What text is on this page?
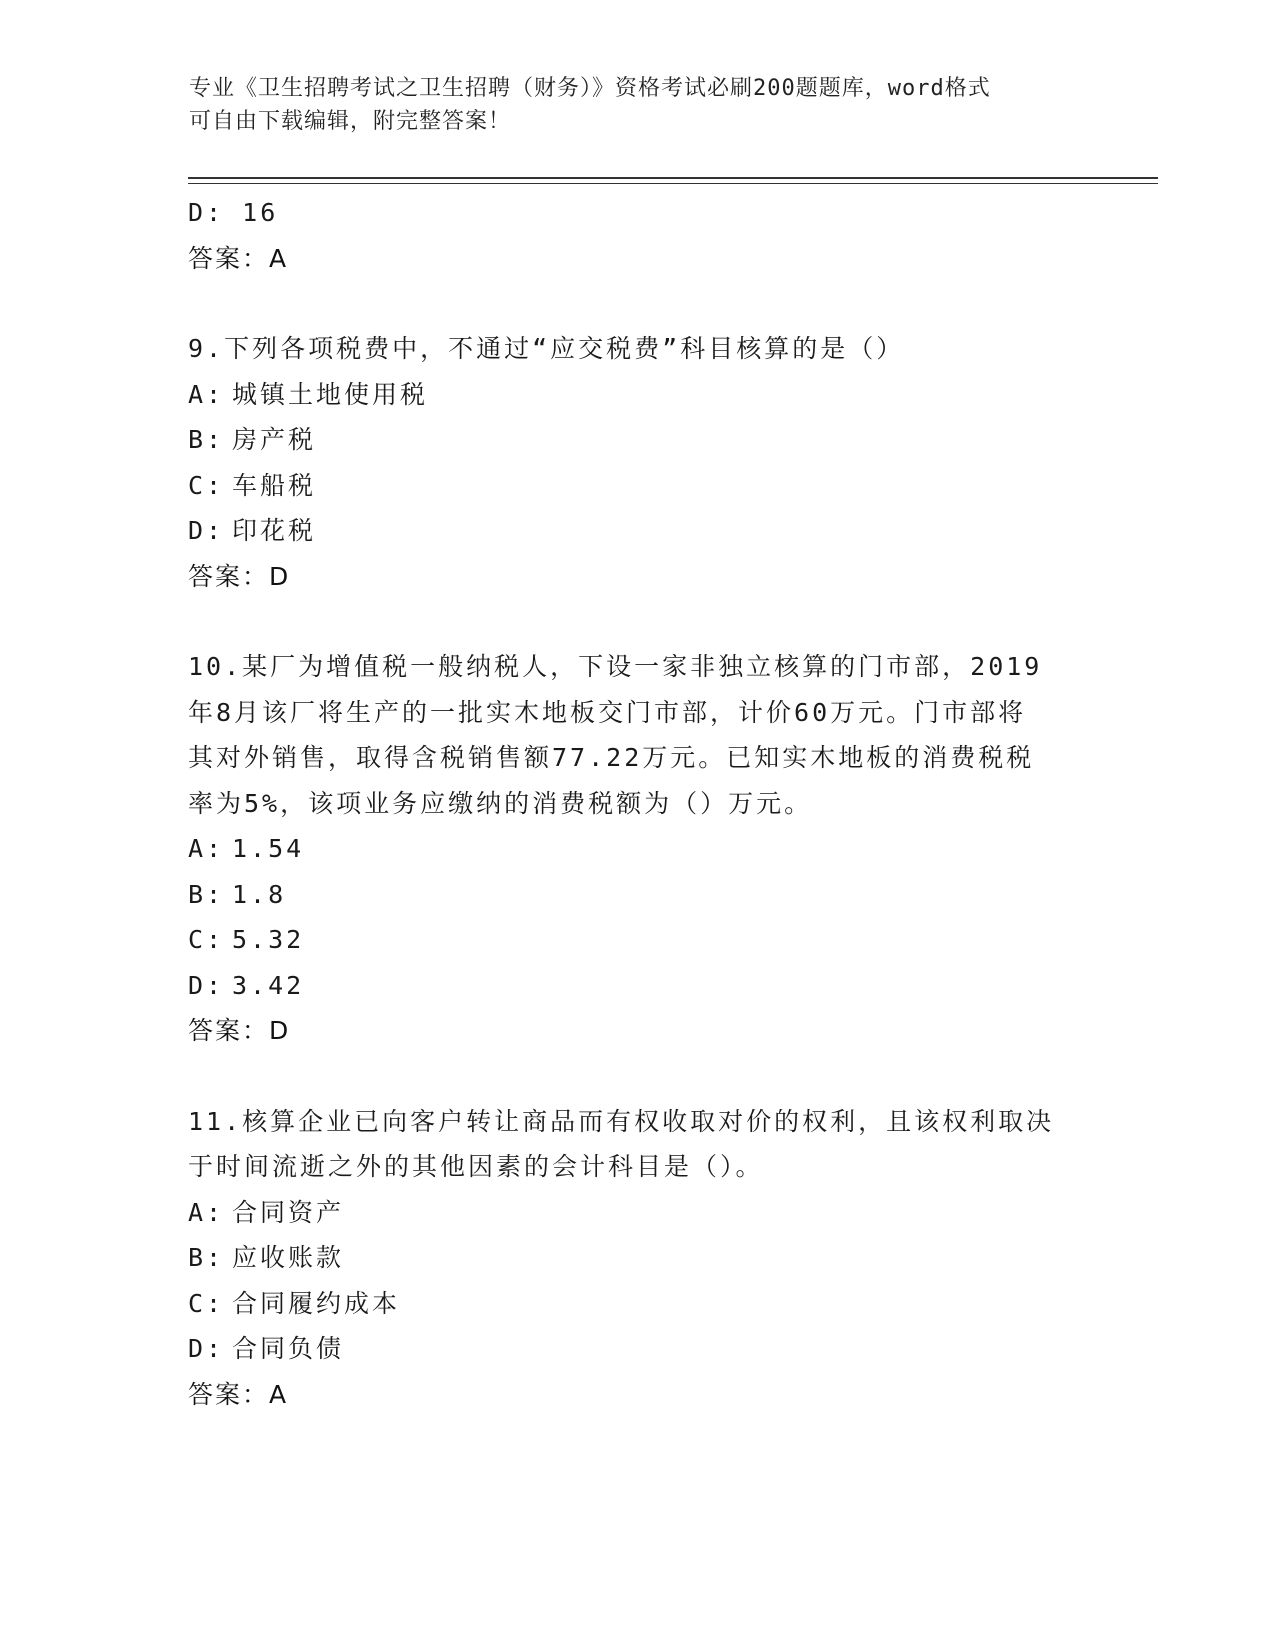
专业《卫生招聘考试之卫生招聘（财务）》资格考试必刷200题题库，word格式
可自由下载编辑，附完整答案！
D: 16
答案：A
9.下列各项税费中，不通过“应交税费”科目核算的是（）
A: 城镇土地使用税
B: 房产税
C: 车船税
D: 印花税
答案：D
10.某厂为增值税一般纳税人，下设一家非独立核算的门市部，2019
年8月该厂将生产的一批实木地板交门市部，计价60万元。门市部将
其对外销售，取得含税销售额77.22万元。已知实木地板的消费税税
率为5%，该项业务应缴纳的消费税额为（）万元。
A: 1.54
B: 1.8
C: 5.32
D: 3.42
答案：D
11.核算企业已向客户转让商品而有权收取对价的权利，且该权利取决
于时间流逝之外的其他因素的会计科目是（）。
A: 合同资产
B: 应收账款
C: 合同履约成本
D: 合同负债
答案：A
